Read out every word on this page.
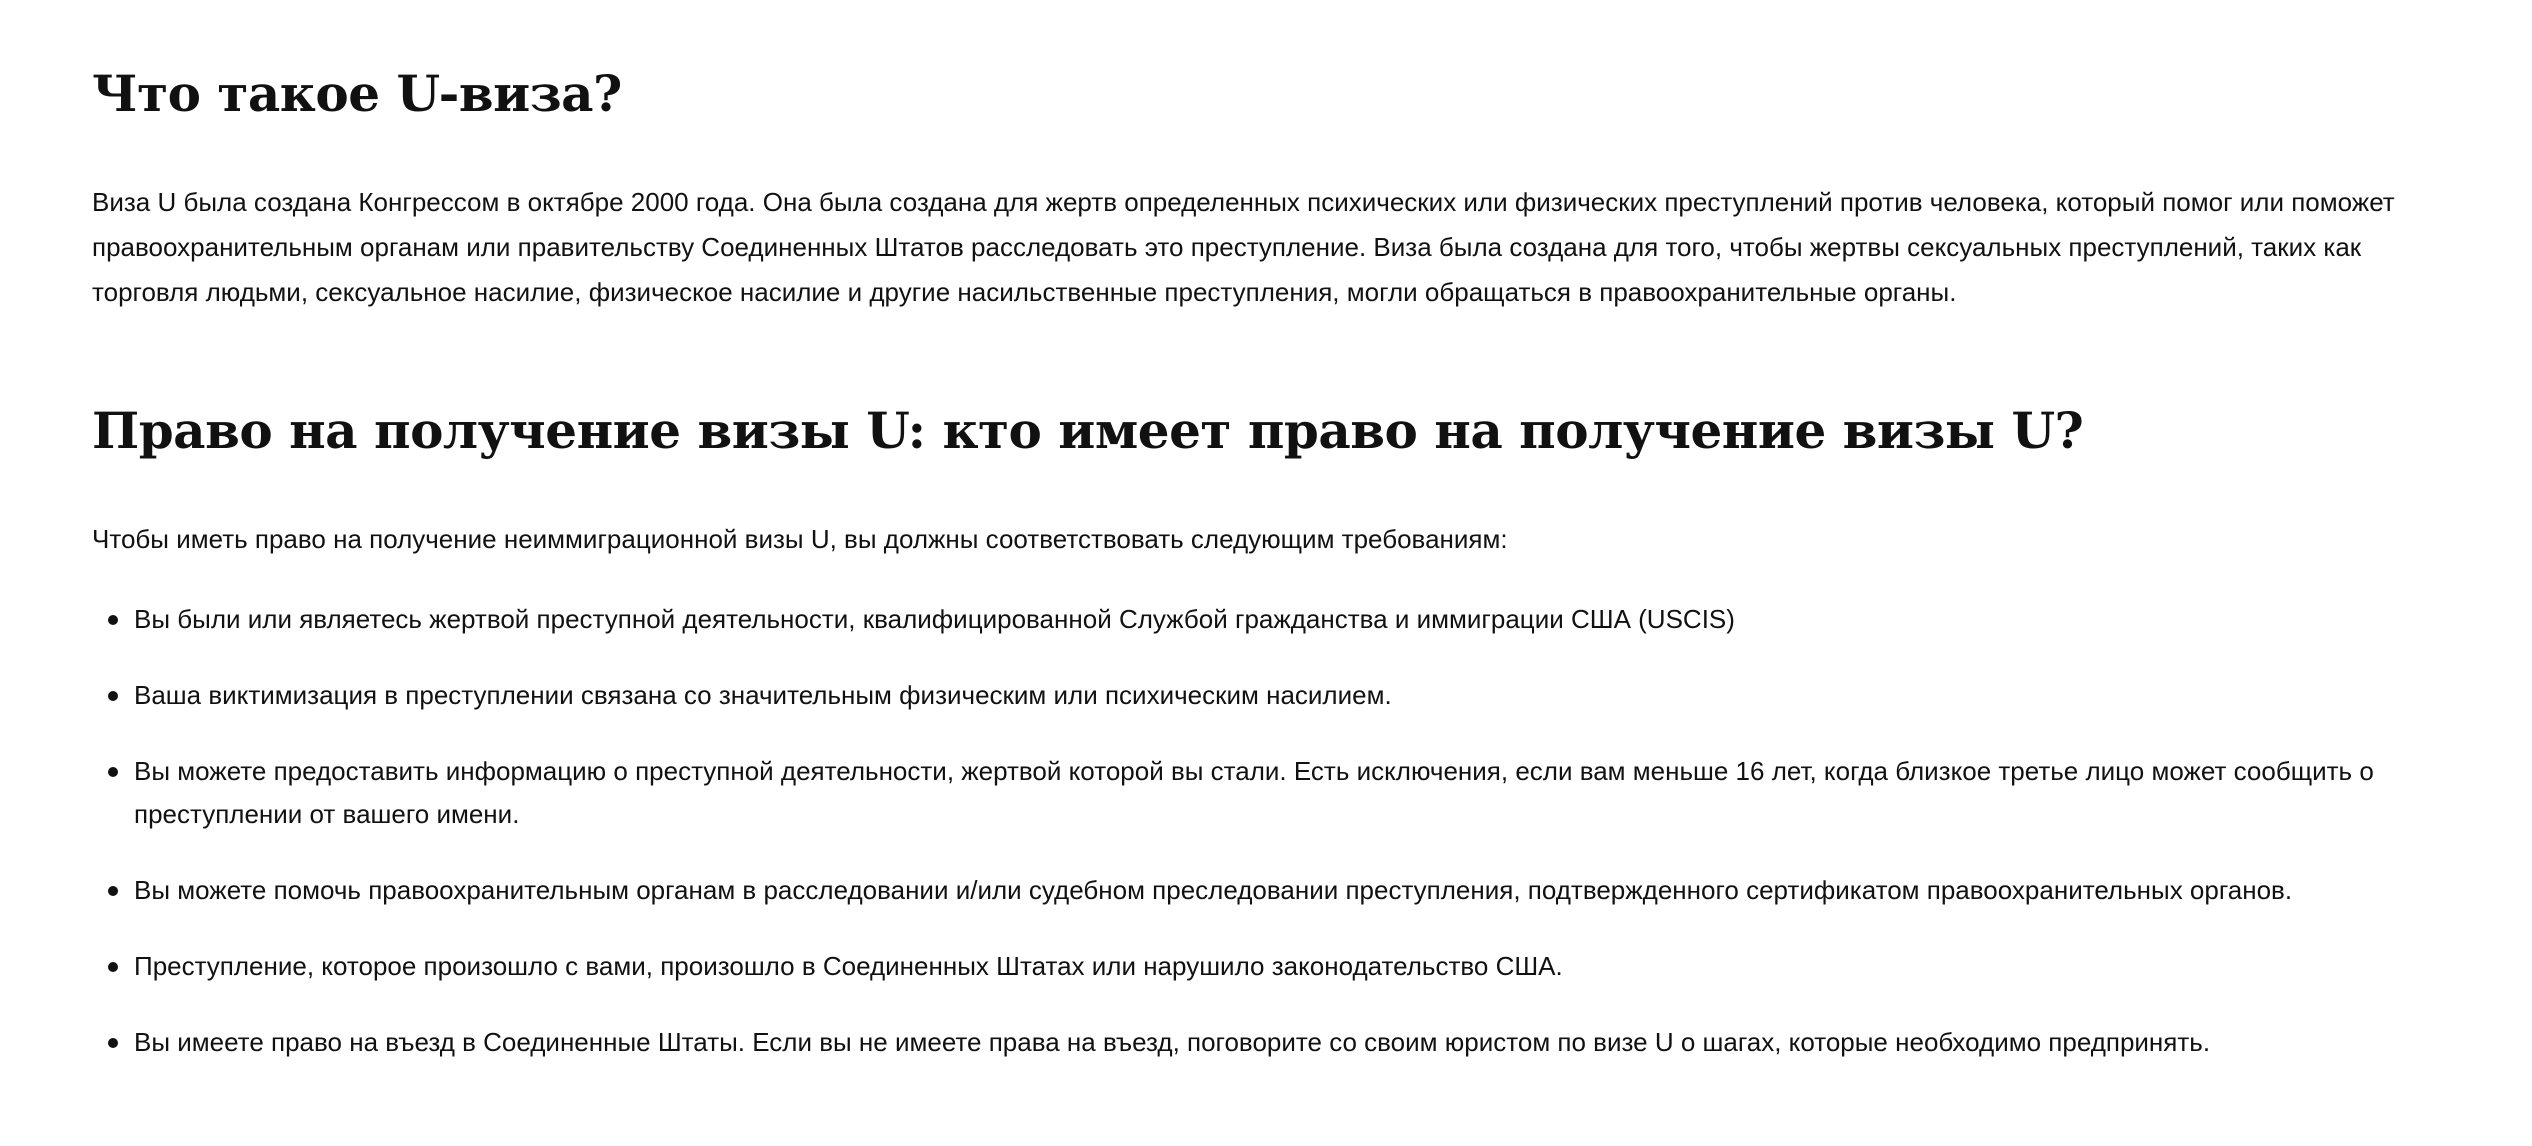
Что такое U-виза?

Виза U была создана Конгрессом в октябре 2000 года. Она была создана для жертв определенных психических или физических преступлений против человека, который помог или поможет правоохранительным органам или правительству Соединенных Штатов расследовать это преступление. Виза была создана для того, чтобы жертвы сексуальных преступлений, таких как торговля людьми, сексуальное насилие, физическое насилие и другие насильственные преступления, могли обращаться в правоохранительные органы.

Право на получение визы U: кто имеет право на получение визы U?

Чтобы иметь право на получение неиммиграционной визы U, вы должны соответствовать следующим требованиям:

Вы были или являетесь жертвой преступной деятельности, квалифицированной Службой гражданства и иммиграции США (USCIS)
Ваша виктимизация в преступлении связана со значительным физическим или психическим насилием.
Вы можете предоставить информацию о преступной деятельности, жертвой которой вы стали. Есть исключения, если вам меньше 16 лет, когда близкое третье лицо может сообщить о преступлении от вашего имени.
Вы можете помочь правоохранительным органам в расследовании и/или судебном преследовании преступления, подтвержденного сертификатом правоохранительных органов.
Преступление, которое произошло с вами, произошло в Соединенных Штатах или нарушило законодательство США.
Вы имеете право на въезд в Соединенные Штаты. Если вы не имеете права на въезд, поговорите со своим юристом по визе U о шагах, которые необходимо предпринять.
